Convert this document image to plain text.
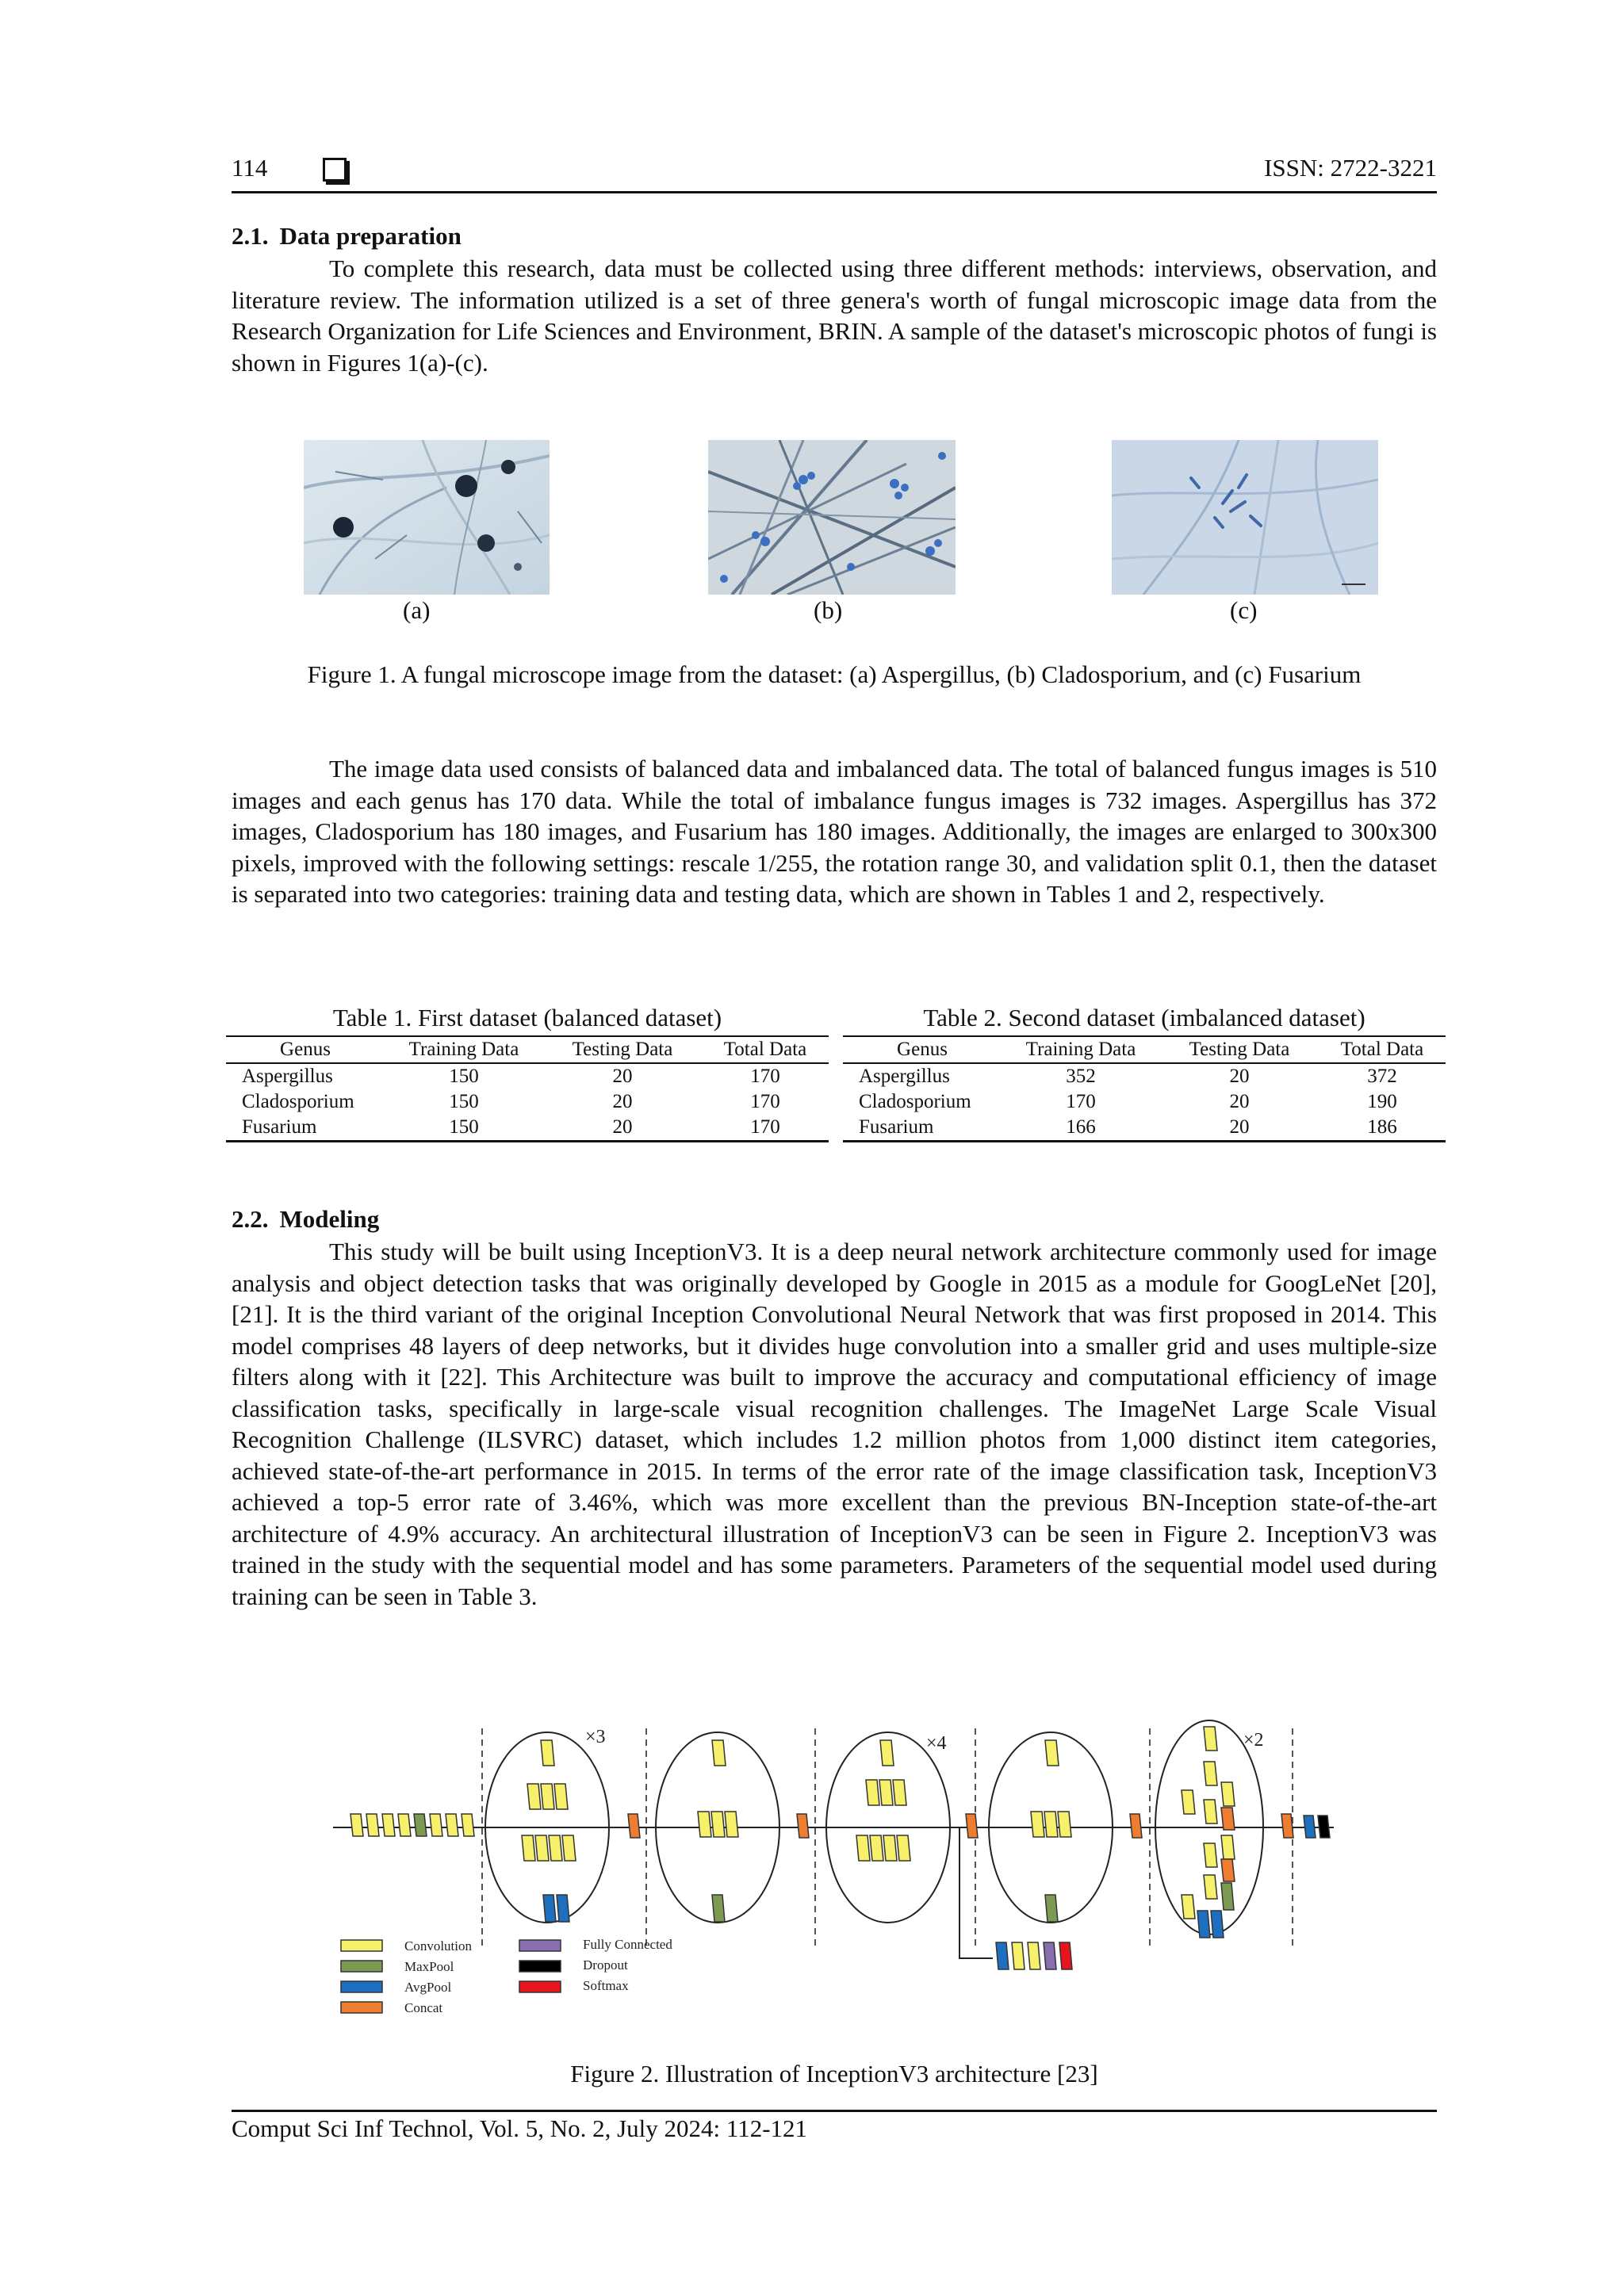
114	ISSN: 2722-3221
2.1. Data preparation

To complete this research, data must be collected using three different methods: interviews, observation, and literature review. The information utilized is a set of three genera's worth of fungal microscopic image data from the Research Organization for Life Sciences and Environment, BRIN. A sample of the dataset's microscopic photos of fungi is shown in Figures 1(a)-(c).

(a)	(b)	(c)
Figure 1. A fungal microscope image from the dataset: (a) Aspergillus, (b) Cladosporium, and (c) Fusarium

The image data used consists of balanced data and imbalanced data. The total of balanced fungus images is 510 images and each genus has 170 data. While the total of imbalance fungus images is 732 images. Aspergillus has 372 images, Cladosporium has 180 images, and Fusarium has 180 images. Additionally, the images are enlarged to 300x300 pixels, improved with the following settings: rescale 1/255, the rotation range 30, and validation split 0.1, then the dataset is separated into two categories: training data and testing data, which are shown in Tables 1 and 2, respectively.

Table 1. First dataset (balanced dataset)
Genus	Training Data	Testing Data	Total Data
Aspergillus	150	20	170
Cladosporium	150	20	170
Fusarium	150	20	170
Table 2. Second dataset (imbalanced dataset)
Genus	Training Data	Testing Data	Total Data
Aspergillus	352	20	372
Cladosporium	170	20	190
Fusarium	166	20	186
2.2. Modeling

This study will be built using InceptionV3. It is a deep neural network architecture commonly used for image analysis and object detection tasks that was originally developed by Google in 2015 as a module for GoogLeNet [20], [21]. It is the third variant of the original Inception Convolutional Neural Network that was first proposed in 2014. This model comprises 48 layers of deep networks, but it divides huge convolution into a smaller grid and uses multiple-size filters along with it [22]. This Architecture was built to improve the accuracy and computational efficiency of image classification tasks, specifically in large-scale visual recognition challenges. The ImageNet Large Scale Visual Recognition Challenge (ILSVRC) dataset, which includes 1.2 million photos from 1,000 distinct item categories, achieved state-of-the-art performance in 2015. In terms of the error rate of the image classification task, InceptionV3 achieved a top-5 error rate of 3.46%, which was more excellent than the previous BN-Inception state-of-the-art architecture of 4.9% accuracy. An architectural illustration of InceptionV3 can be seen in Figure 2. InceptionV3 was trained in the study with the sequential model and has some parameters. Parameters of the sequential model used during training can be seen in Table 3.

×3	×4	×2
Convolution
MaxPool
AvgPool
Concat
Fully Connected
Dropout
Softmax
Figure 2. Illustration of InceptionV3 architecture [23]
Comput Sci Inf Technol, Vol. 5, No. 2, July 2024: 112-121
